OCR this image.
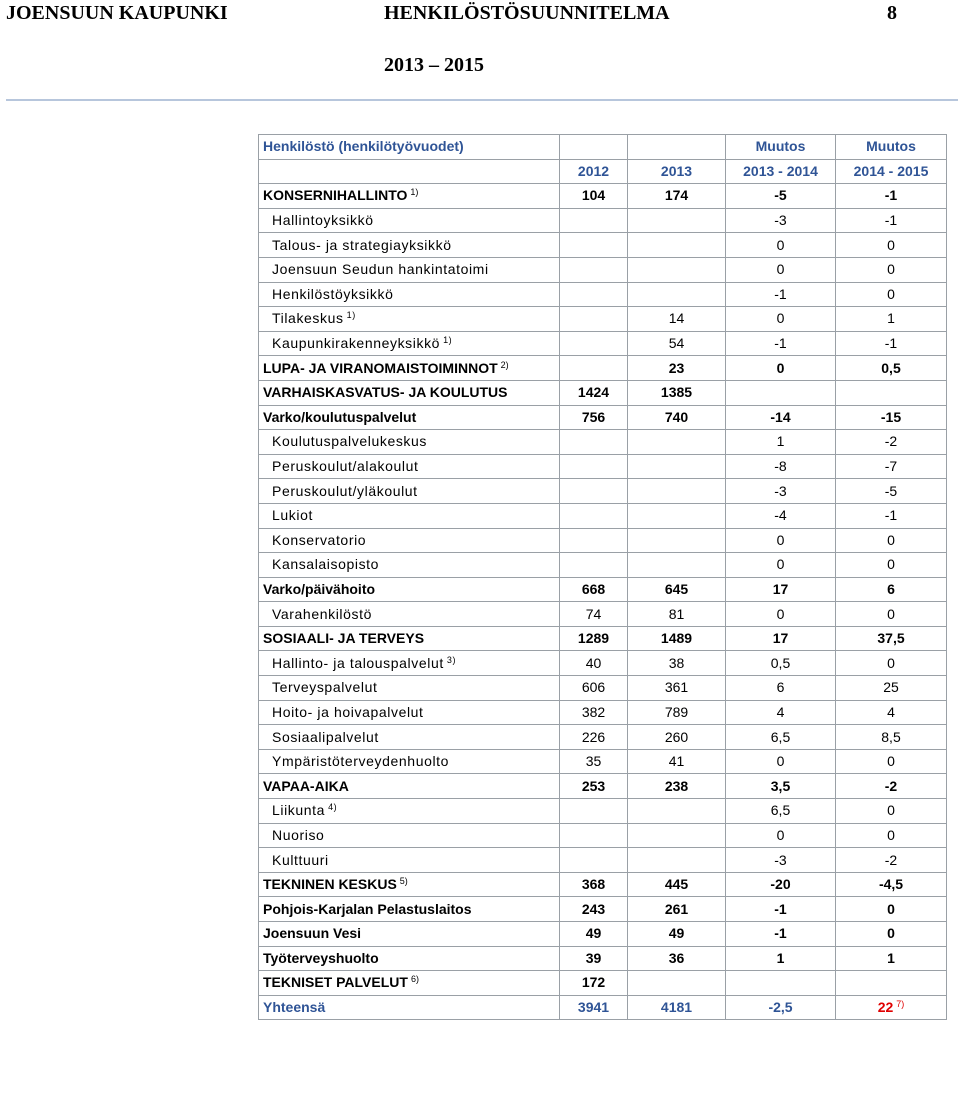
JOENSUUN KAUPUNKI	HENKILÖSTÖSUUNNITELMA	8
2013 – 2015
Henkilöstö (henkilötyövuodet)			Muutos	Muutos
	2012	2013	2013 - 2014	2014 - 2015
KONSERNIHALLINTO $^{1)}$	104	174	-5	-1
Hallintoyksikkö			-3	-1
Talous- ja strategiayksikkö			0	0
Joensuun Seudun hankintatoimi			0	0
Henkilöstöyksikkö			-1	0
Tilakeskus $^{1)}$		14	0	1
Kaupunkirakenneyksikkö $^{1)}$		54	-1	-1
LUPA- JA VIRANOMAISTOIMINNOT $^{2)}$		23	0	0,5
VARHAISKASVATUS- JA KOULUTUS	1424	1385		
Varko/koulutuspalvelut	756	740	-14	-15
Koulutuspalvelukeskus			1	-2
Peruskoulut/alakoulut			-8	-7
Peruskoulut/yläkoulut			-3	-5
Lukiot			-4	-1
Konservatorio			0	0
Kansalaisopisto			0	0
Varko/päivähoito	668	645	17	6
Varahenkilöstö	74	81	0	0
SOSIAALI- JA TERVEYS	1289	1489	17	37,5
Hallinto- ja talouspalvelut $^{3)}$	40	38	0,5	0
Terveyspalvelut	606	361	6	25
Hoito- ja hoivapalvelut	382	789	4	4
Sosiaalipalvelut	226	260	6,5	8,5
Ympäristöterveydenhuolto	35	41	0	0
VAPAA-AIKA	253	238	3,5	-2
Liikunta $^{4)}$			6,5	0
Nuoriso			0	0
Kulttuuri			-3	-2
TEKNINEN KESKUS $^{5)}$	368	445	-20	-4,5
Pohjois-Karjalan Pelastuslaitos	243	261	-1	0
Joensuun Vesi	49	49	-1	0
Työterveyshuolto	39	36	1	1
TEKNISET PALVELUT $^{6)}$	172			
Yhteensä	3941	4181	-2,5	22 $^{7)}$
